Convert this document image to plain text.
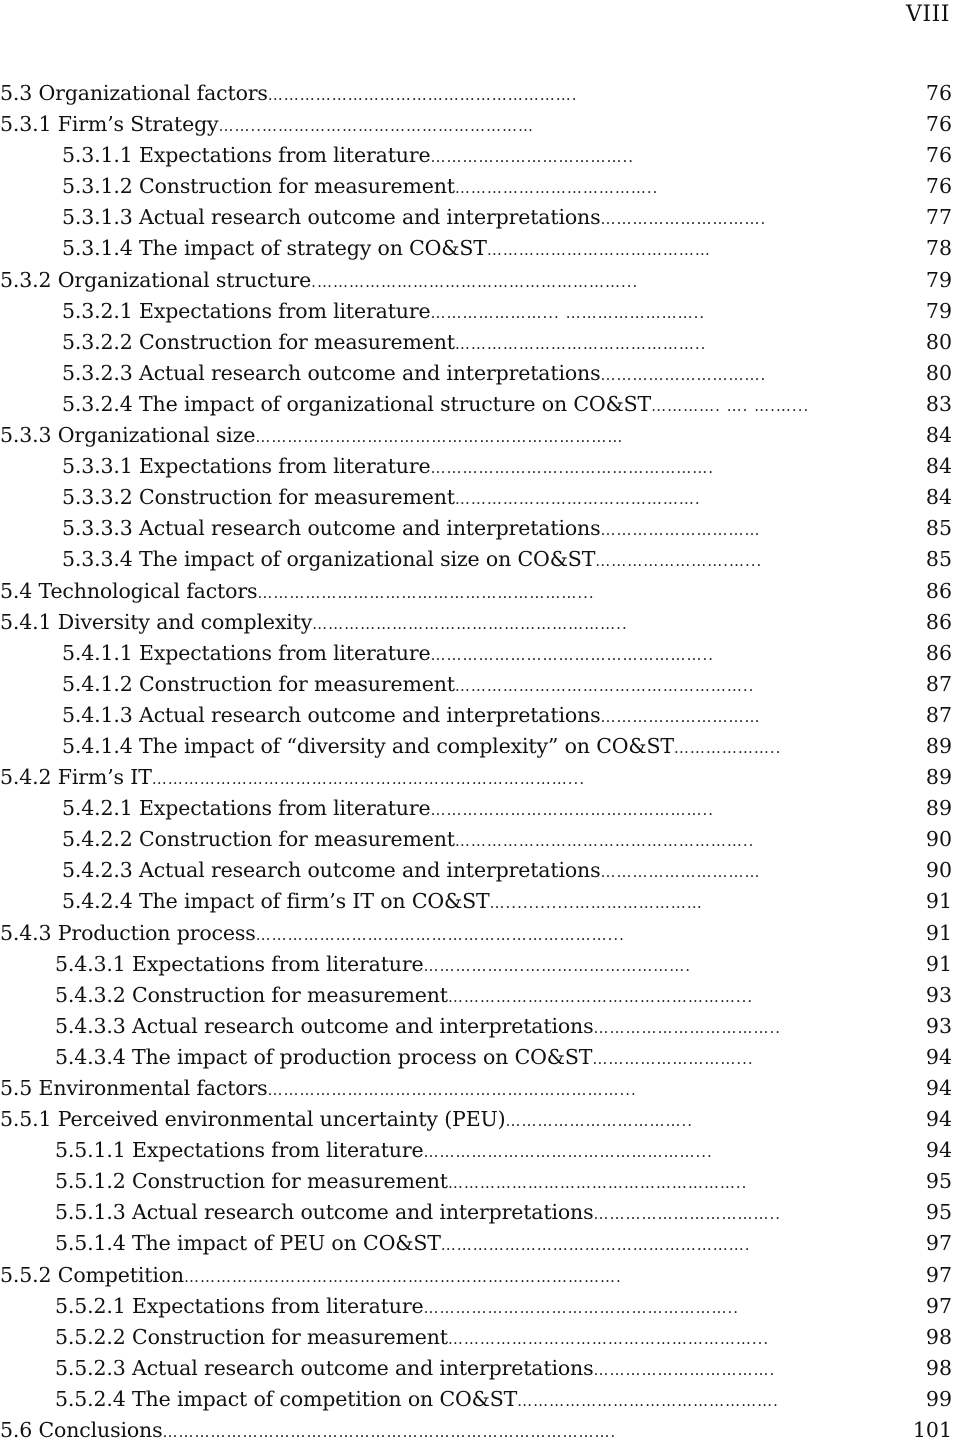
VIII
5.3 Organizational factors………………………………………………….	76
5.3.1 Firm’s Strategy……..……………………………………………	76
5.3.1.1 Expectations from literature………………………………..	76
5.3.1.2 Construction for measurement………………………………..	76
5.3.1.3 Actual research outcome and interpretations………………………….	77
5.3.1.4 The impact of strategy on CO&ST……………………………………	78
5.3.2 Organizational structure.…………………………………………………...	79
5.3.2.1 Expectations from literature…………………... ……………………..	79
5.3.2.2 Construction for measurement………………………………………..	80
5.3.2.3 Actual research outcome and interpretations………………………….	80
5.3.2.4 The impact of organizational structure on CO&ST…………. …. ….…...	83
5.3.3 Organizational size……………………………………………………………	84
5.3.3.1 Expectations from literature…………………….……………………….	84
5.3.3.2 Construction for measurement……………………………………….	84
5.3.3.3 Actual research outcome and interpretations…………………………	85
5.3.3.4 The impact of organizational size on CO&ST…………………….…...	85
5.4 Technological factors……………………………………………………...	86
5.4.1 Diversity and complexity…………………………………………………..	86
5.4.1.1 Expectations from literature……………………………………………..	86
5.4.1.2 Construction for measurement………………………………………………..	87
5.4.1.3 Actual research outcome and interpretations…………………………	87
5.4.1.4 The impact of “diversity and complexity” on CO&ST………………..	89
5.4.2 Firm’s IT……………………………………………………………………...	89
5.4.2.1 Expectations from literature……………………………………………..	89
5.4.2.2 Construction for measurement………………………………………………..	90
5.4.2.3 Actual research outcome and interpretations…………………………	90
5.4.2.4 The impact of firm’s IT on CO&ST…............……………………	91
5.4.3 Production process…………………………………………………………...	91
5.4.3.1 Expectations from literature……………….………………………….	91
5.4.3.2 Construction for measurement………………………………………………...	93
5.4.3.3 Actual research outcome and interpretations……………………………..	93
5.4.3.4 The impact of production process on CO&ST………………………...	94
5.5 Environmental factors…………………………………………………………...	94
5.5.1 Perceived environmental uncertainty (PEU)……………………………..	94
5.5.1.1 Expectations from literature……………………………………………...	94
5.5.1.2 Construction for measurement………………………………………………..	95
5.5.1.3 Actual research outcome and interpretations……………………………..	95
5.5.1.4 The impact of PEU on CO&ST………………………………………………….	97
5.5.2 Competition……………………………………………………………………….	97
5.5.2.1 Expectations from literature…………………………………………………..	97
5.5.2.2 Construction for measurement…………………………………………………...	98
5.5.2.3 Actual research outcome and interpretations…………………………….	98
5.5.2.4 The impact of competition on CO&ST………………………………………….	99
5.6 Conclusions………………………………………………………………………….	101
